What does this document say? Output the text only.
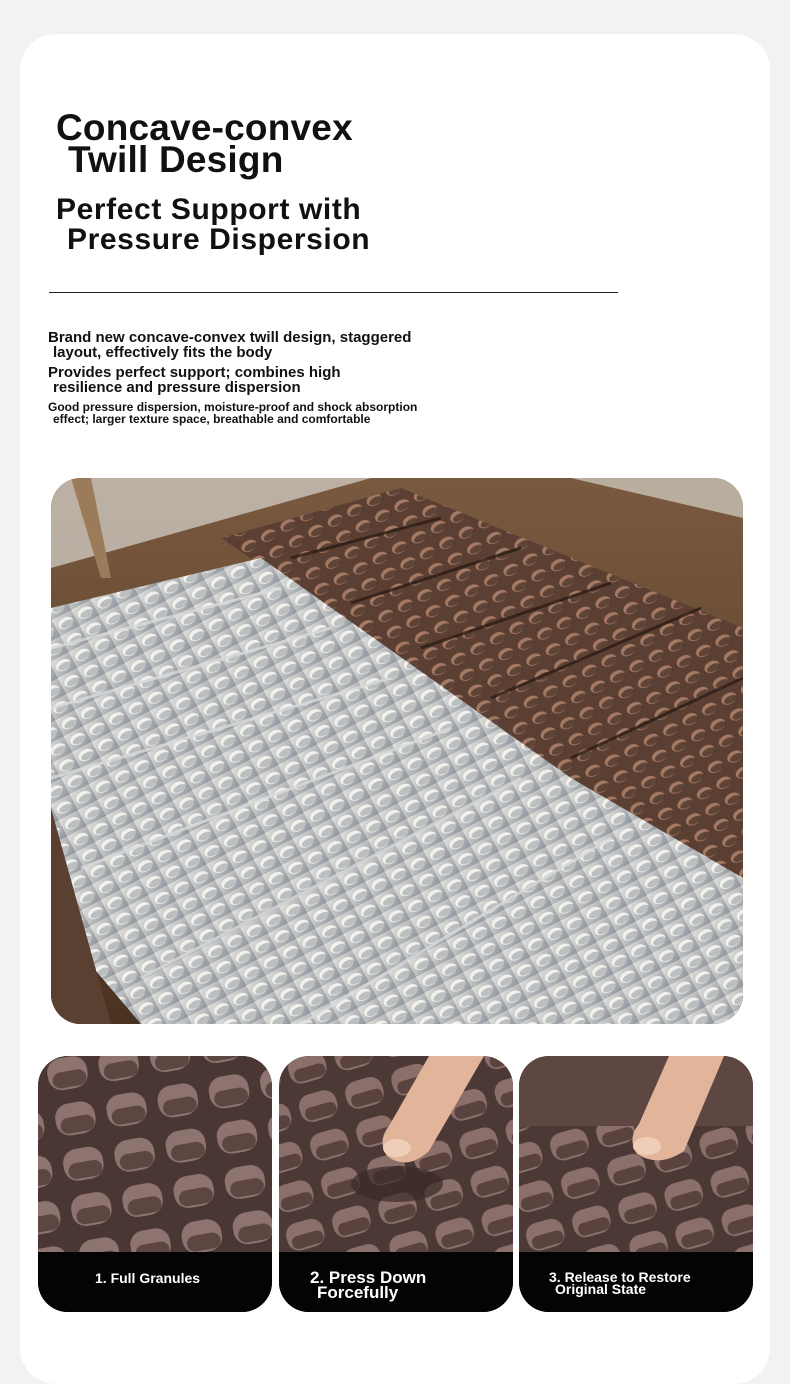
Concave-convex
Twill Design
Perfect Support with
Pressure Dispersion
Brand new concave-convex twill design, staggered
layout, effectively fits the body
Provides perfect support; combines high
resilience and pressure dispersion
Good pressure dispersion, moisture-proof and shock absorption
effect; larger texture space, breathable and comfortable
1. Full Granules	2. Press Down
Forcefully
3. Release to Restore
Original State
